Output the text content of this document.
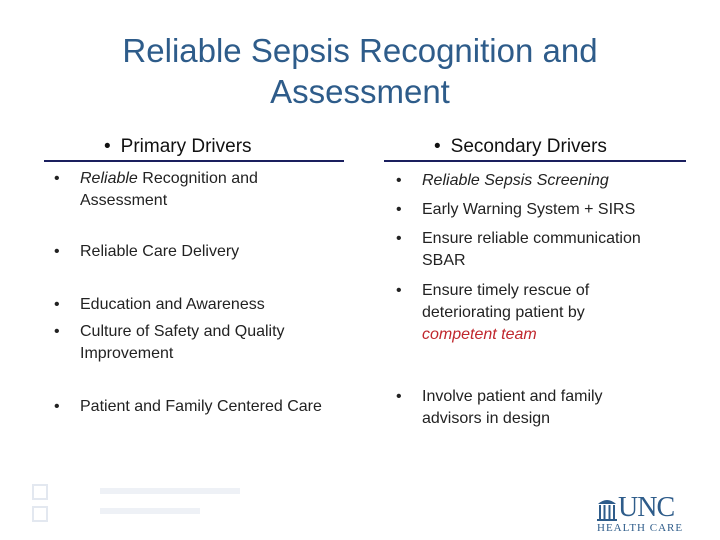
Reliable Sepsis Recognition and
Assessment
• Primary Drivers	• Secondary Drivers
• Reliable Recognition and Assessment
• Reliable Care Delivery
• Education and Awareness
• Culture of Safety and Quality Improvement
• Patient and Family Centered Care
• Reliable Sepsis Screening
• Early Warning System + SIRS
• Ensure reliable communication SBAR
• Ensure timely rescue of deteriorating patient by competent team
• Involve patient and family advisors in design
UNC
HEALTH CARE
